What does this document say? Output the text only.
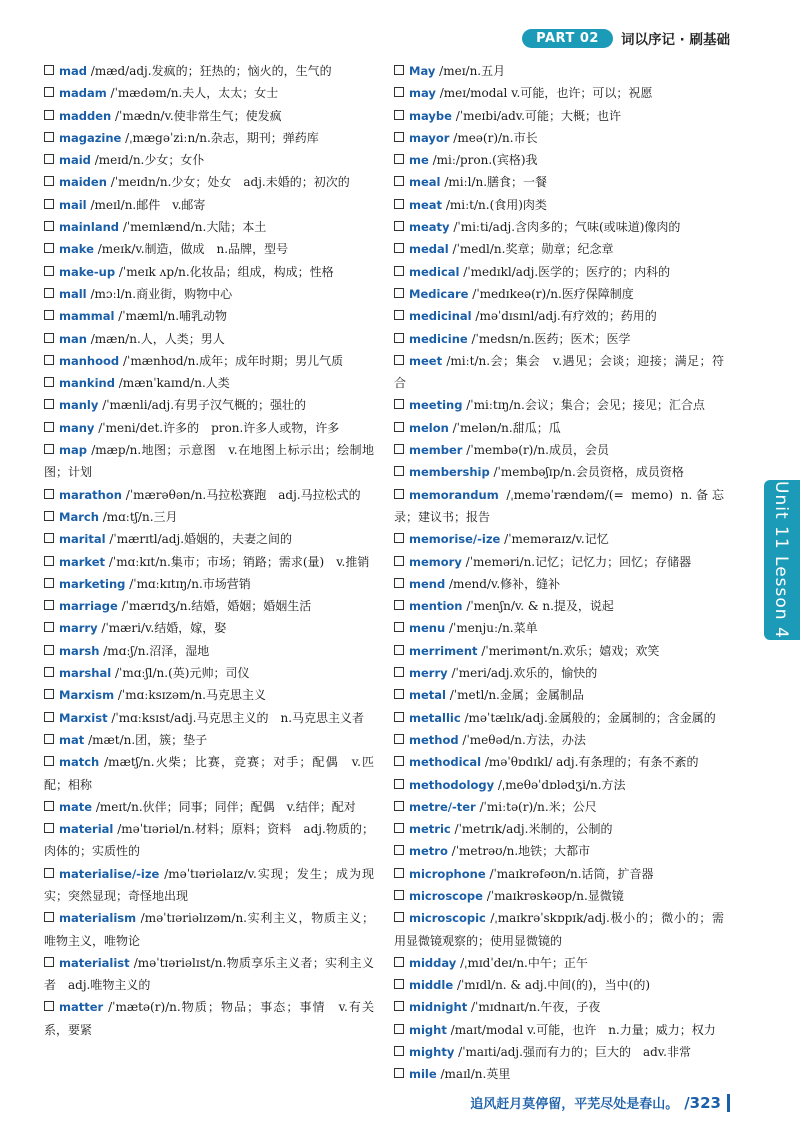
PART 02	词以序记 · 刷基础
mad /mæd/adj.发疯的；狂热的；恼火的，生气的
madam /ˈmædəm/n.夫人，太太；女士
madden /ˈmædn/v.使非常生气；使发疯
magazine /ˌmægəˈziːn/n.杂志，期刊；弹药库
maid /meɪd/n.少女；女仆
maiden /ˈmeɪdn/n.少女；处女　adj.未婚的；初次的
mail /meɪl/n.邮件　v.邮寄
mainland /ˈmeɪnlænd/n.大陆；本土
make /meɪk/v.制造，做成　n.品牌，型号
make-up /ˈmeɪk ʌp/n.化妆品；组成，构成；性格
mall /mɔːl/n.商业街，购物中心
mammal /ˈmæml/n.哺乳动物
man /mæn/n.人，人类；男人
manhood /ˈmænhʊd/n.成年；成年时期；男儿气质
mankind /mænˈkaɪnd/n.人类
manly /ˈmænli/adj.有男子汉气概的；强壮的
many /ˈmeni/det.许多的　pron.许多人或物，许多
map /mæp/n.地图；示意图　v.在地图上标示出；绘制地图；计划
marathon /ˈmærəθən/n.马拉松赛跑　adj.马拉松式的
March /mɑːtʃ/n.三月
marital /ˈmærɪtl/adj.婚姻的，夫妻之间的
market /ˈmɑːkɪt/n.集市；市场；销路；需求(量)　v.推销
marketing /ˈmɑːkɪtɪŋ/n.市场营销
marriage /ˈmærɪdʒ/n.结婚，婚姻；婚姻生活
marry /ˈmæri/v.结婚，嫁，娶
marsh /mɑːʃ/n.沼泽，湿地
marshal /ˈmɑːʃl/n.(英)元帅；司仪
Marxism /ˈmɑːksɪzəm/n.马克思主义
Marxist /ˈmɑːksɪst/adj.马克思主义的　n.马克思主义者
mat /mæt/n.团，簇；垫子
match /mætʃ/n.火柴；比赛，竞赛；对手；配偶　v.匹配；相称
mate /meɪt/n.伙伴；同事；同伴；配偶　v.结伴；配对
material /məˈtɪəriəl/n.材料；原料；资料　adj.物质的；肉体的；实质性的
materialise/-ize /məˈtɪəriəlaɪz/v.实现；发生；成为现实；突然显现；奇怪地出现
materialism /məˈtɪəriəlɪzəm/n.实利主义，物质主义；唯物主义，唯物论
materialist /məˈtɪəriəlɪst/n.物质享乐主义者；实利主义者　adj.唯物主义的
matter /ˈmætə(r)/n.物质；物品；事态；事情　v.有关系，要紧
May /meɪ/n.五月
may /meɪ/modal v.可能，也许；可以；祝愿
maybe /ˈmeɪbi/adv.可能；大概；也许
mayor /meə(r)/n.市长
me /miː/pron.(宾格)我
meal /miːl/n.膳食；一餐
meat /miːt/n.(食用)肉类
meaty /ˈmiːti/adj.含肉多的；气味(或味道)像肉的
medal /ˈmedl/n.奖章；勋章；纪念章
medical /ˈmedɪkl/adj.医学的；医疗的；内科的
Medicare /ˈmedɪkeə(r)/n.医疗保障制度
medicinal /məˈdɪsɪnl/adj.有疗效的；药用的
medicine /ˈmedsn/n.医药；医术；医学
meet /miːt/n.会；集会　v.遇见；会谈；迎接；满足；符合
meeting /ˈmiːtɪŋ/n.会议；集合；会见；接见；汇合点
melon /ˈmelən/n.甜瓜；瓜
member /ˈmembə(r)/n.成员，会员
membership /ˈmembəʃɪp/n.会员资格，成员资格
memorandum /ˌmeməˈrændəm/(= memo) n.备忘录；建议书；报告
memorise/-ize /ˈmeməraɪz/v.记忆
memory /ˈmeməri/n.记忆；记忆力；回忆；存储器
mend /mend/v.修补，缝补
mention /ˈmenʃn/v. & n.提及，说起
menu /ˈmenjuː/n.菜单
merriment /ˈmerimənt/n.欢乐；嬉戏；欢笑
merry /ˈmeri/adj.欢乐的，愉快的
metal /ˈmetl/n.金属；金属制品
metallic /məˈtælɪk/adj.金属般的；金属制的；含金属的
method /ˈmeθəd/n.方法，办法
methodical /məˈθɒdɪkl/ adj.有条理的；有条不紊的
methodology /ˌmeθəˈdɒlədʒi/n.方法
metre/-ter /ˈmiːtə(r)/n.米；公尺
metric /ˈmetrɪk/adj.米制的，公制的
metro /ˈmetrəʊ/n.地铁；大都市
microphone /ˈmaɪkrəfəʊn/n.话筒，扩音器
microscope /ˈmaɪkrəskəʊp/n.显微镜
microscopic /ˌmaɪkrəˈskɒpɪk/adj.极小的；微小的；需用显微镜观察的；使用显微镜的
midday /ˌmɪdˈdeɪ/n.中午；正午
middle /ˈmɪdl/n. & adj.中间(的)，当中(的)
midnight /ˈmɪdnaɪt/n.午夜，子夜
might /maɪt/modal v.可能，也许　n.力量；威力；权力
mighty /ˈmaɪti/adj.强而有力的；巨大的　adv.非常
mile /maɪl/n.英里
Unit 11 Lesson 4
追风赶月莫停留，平芜尽处是春山。 /323
